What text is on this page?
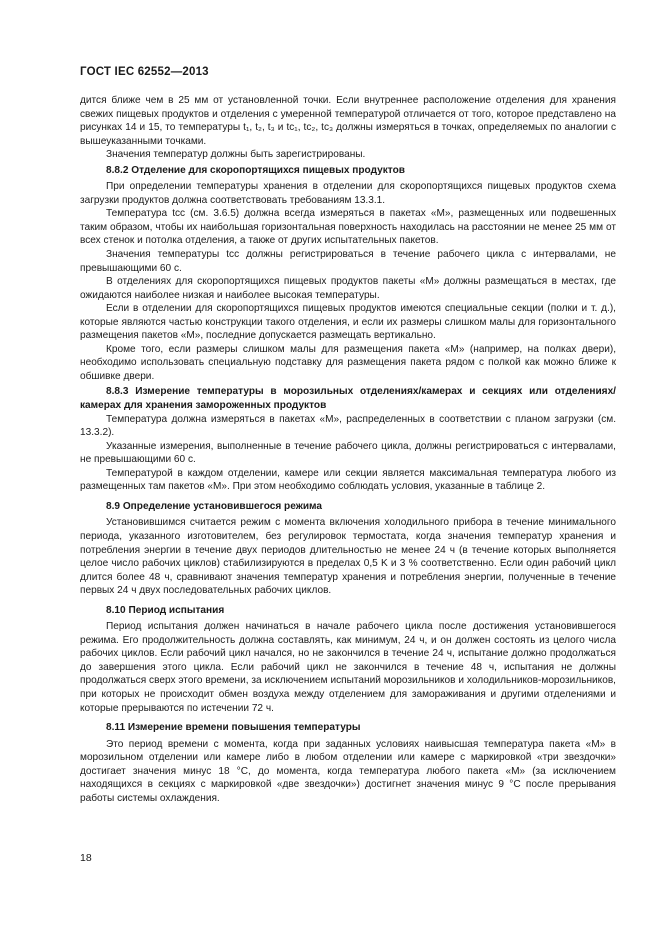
ГОСТ IEC 62552—2013

дится ближе чем в 25 мм от установленной точки. Если внутреннее расположение отделения для хранения свежих пищевых продуктов и отделения с умеренной температурой отличается от того, которое представлено на рисунках 14 и 15, то температуры t₁, t₂, t₃ и tc₁, tc₂, tc₃ должны измеряться в точках, определяемых по аналогии с вышеуказанными точками.

Значения температур должны быть зарегистрированы.

8.8.2 Отделение для скоропортящихся пищевых продуктов

При определении температуры хранения в отделении для скоропортящихся пищевых продуктов схема загрузки продуктов должна соответствовать требованиям 13.3.1.

Температура tcc (см. 3.6.5) должна всегда измеряться в пакетах «М», размещенных или подвешенных таким образом, чтобы их наибольшая горизонтальная поверхность находилась на расстоянии не менее 25 мм от всех стенок и потолка отделения, а также от других испытательных пакетов.

Значения температуры tcc должны регистрироваться в течение рабочего цикла с интервалами, не превышающими 60 с.

В отделениях для скоропортящихся пищевых продуктов пакеты «М» должны размещаться в местах, где ожидаются наиболее низкая и наиболее высокая температуры.

Если в отделении для скоропортящихся пищевых продуктов имеются специальные секции (полки и т. д.), которые являются частью конструкции такого отделения, и если их размеры слишком малы для горизонтального размещения пакетов «М», последние допускается размещать вертикально.

Кроме того, если размеры слишком малы для размещения пакета «М» (например, на полках двери), необходимо использовать специальную подставку для размещения пакета рядом с полкой как можно ближе к обшивке двери.

8.8.3 Измерение температуры в морозильных отделениях/камерах и секциях или отделениях/камерах для хранения замороженных продуктов

Температура должна измеряться в пакетах «М», распределенных в соответствии с планом загрузки (см. 13.3.2).

Указанные измерения, выполненные в течение рабочего цикла, должны регистрироваться с интервалами, не превышающими 60 с.

Температурой в каждом отделении, камере или секции является максимальная температура любого из размещенных там пакетов «М». При этом необходимо соблюдать условия, указанные в таблице 2.

8.9 Определение установившегося режима

Установившимся считается режим с момента включения холодильного прибора в течение минимального периода, указанного изготовителем, без регулировок термостата, когда значения температур хранения и потребления энергии в течение двух периодов длительностью не менее 24 ч (в течение которых выполняется целое число рабочих циклов) стабилизируются в пределах 0,5 K и 3 % соответственно. Если один рабочий цикл длится более 48 ч, сравнивают значения температур хранения и потребления энергии, полученные в течение первых 24 ч двух последовательных рабочих циклов.

8.10 Период испытания

Период испытания должен начинаться в начале рабочего цикла после достижения установившегося режима. Его продолжительность должна составлять, как минимум, 24 ч, и он должен состоять из целого числа рабочих циклов. Если рабочий цикл начался, но не закончился в течение 24 ч, испытание должно продолжаться до завершения этого цикла. Если рабочий цикл не закончился в течение 48 ч, испытания не должны продолжаться сверх этого времени, за исключением испытаний морозильников и холодильников-морозильников, при которых не происходит обмен воздуха между отделением для замораживания и другими отделениями и которые прерываются по истечении 72 ч.

8.11 Измерение времени повышения температуры

Это период времени с момента, когда при заданных условиях наивысшая температура пакета «М» в морозильном отделении или камере либо в любом отделении или камере с маркировкой «три звездочки» достигает значения минус 18 °С, до момента, когда температура любого пакета «М» (за исключением находящихся в секциях с маркировкой «две звездочки») достигнет значения минус 9 °С после прерывания работы системы охлаждения.

18
